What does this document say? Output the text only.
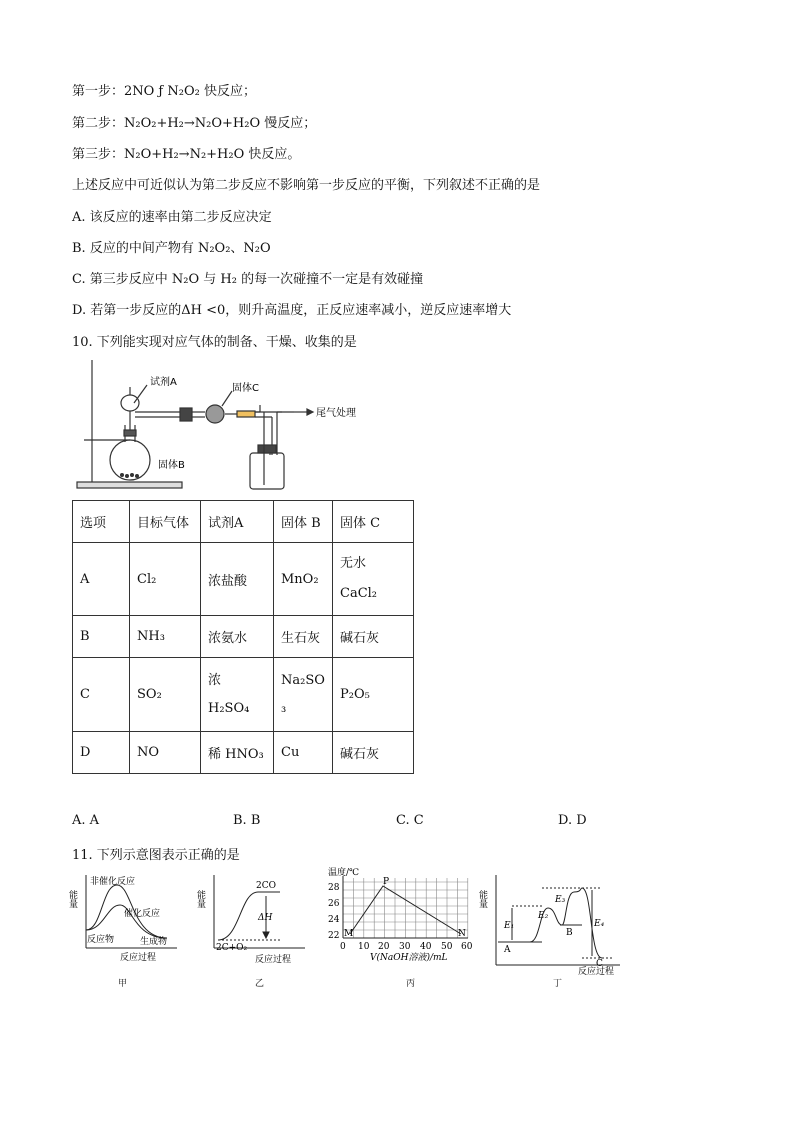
第一步：2NO ƒ N₂O₂ 快反应；
第二步：N₂O₂+H₂→N₂O+H₂O 慢反应；
第三步：N₂O+H₂→N₂+H₂O 快反应。
上述反应中可近似认为第二步反应不影响第一步反应的平衡，下列叙述不正确的是
A. 该反应的速率由第二步反应决定
B. 反应的中间产物有 N₂O₂、N₂O
C. 第三步反应中 N₂O 与 H₂ 的每一次碰撞不一定是有效碰撞
D. 若第一步反应的ΔH <0，则升高温度，正反应速率减小，逆反应速率增大
10. 下列能实现对应气体的制备、干燥、收集的是
试剂A
固体C
尾气处理
固体B
选项	目标气体	试剂A	固体 B	固体 C
A	Cl₂	浓盐酸	MnO₂	无水 CaCl₂
B	NH₃	浓氨水	生石灰	碱石灰
C	SO₂	浓 H₂SO₄	Na₂SO₃	P₂O₅
D	NO	稀 HNO₃	Cu	碱石灰
A. A	B. B	C. C	D. D
11. 下列示意图表示正确的是
能量
非催化反应
催化反应
反应物	生成物
反应过程
甲
能量
2CO
ΔH
2C+O₂
反应过程
乙
温度/℃
22
24
26
28
0 10 20 30 40 50 60
M
P
N
V(NaOH溶液)/mL
丙
能量
E₁
E₂
E₃
E₄
A
B
C
反应过程
丁
